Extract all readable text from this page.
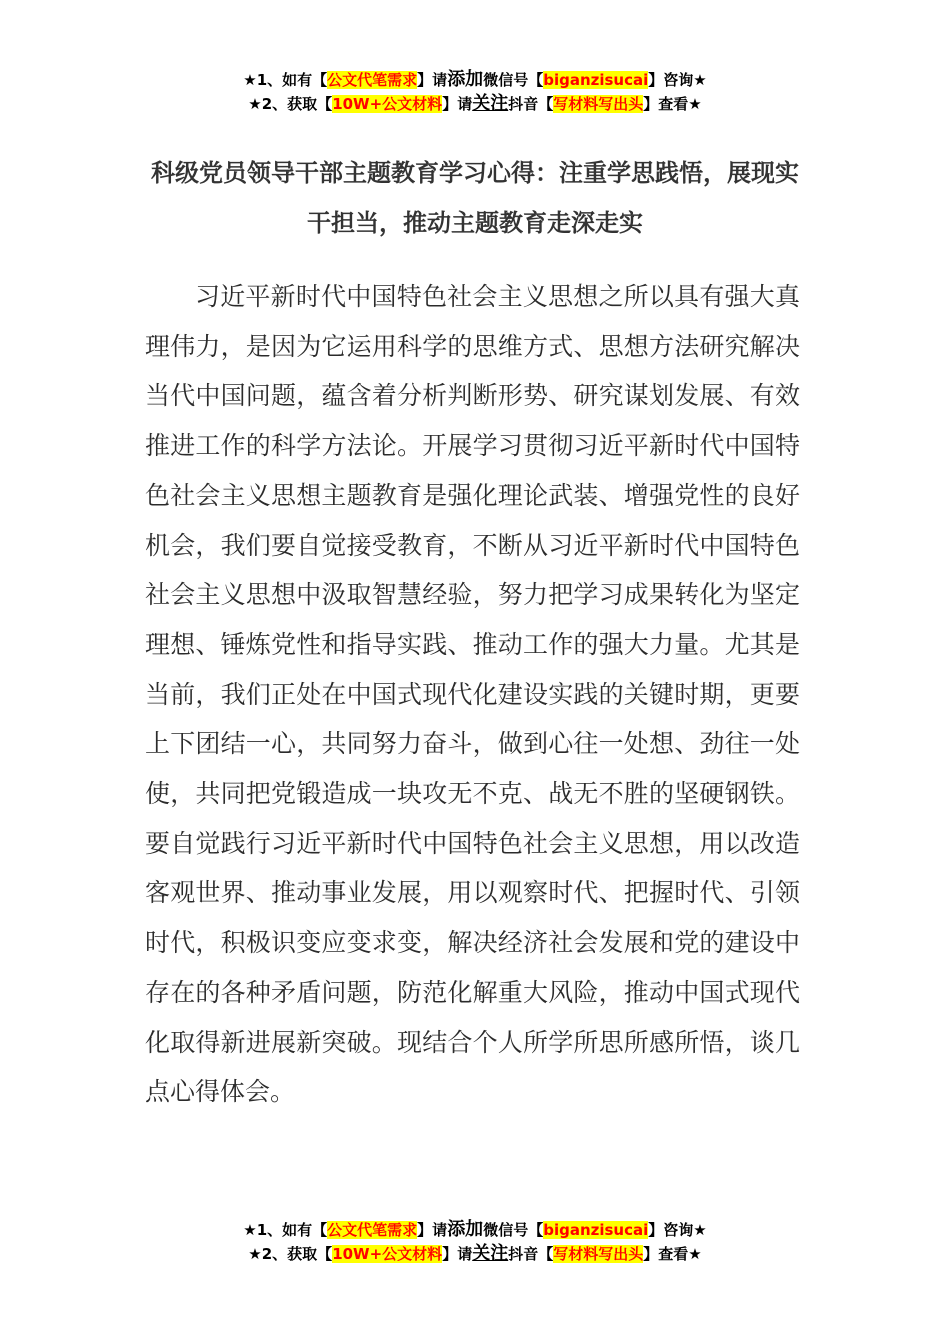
★1、如有【公文代笔需求】请添加微信号【biganzisucai】咨询★
★2、获取【10W+公文材料】请关注抖音【写材料写出头】查看★
科级党员领导干部主题教育学习心得：注重学思践悟，展现实干担当，推动主题教育走深走实

习近平新时代中国特色社会主义思想之所以具有强大真理伟力，是因为它运用科学的思维方式、思想方法研究解决当代中国问题，蕴含着分析判断形势、研究谋划发展、有效推进工作的科学方法论。开展学习贯彻习近平新时代中国特色社会主义思想主题教育是强化理论武装、增强党性的良好机会，我们要自觉接受教育，不断从习近平新时代中国特色社会主义思想中汲取智慧经验，努力把学习成果转化为坚定理想、锤炼党性和指导实践、推动工作的强大力量。尤其是当前，我们正处在中国式现代化建设实践的关键时期，更要上下团结一心，共同努力奋斗，做到心往一处想、劲往一处使，共同把党锻造成一块攻无不克、战无不胜的坚硬钢铁。要自觉践行习近平新时代中国特色社会主义思想，用以改造客观世界、推动事业发展，用以观察时代、把握时代、引领时代，积极识变应变求变，解决经济社会发展和党的建设中存在的各种矛盾问题，防范化解重大风险，推动中国式现代化取得新进展新突破。现结合个人所学所思所感所悟，谈几点心得体会。

★1、如有【公文代笔需求】请添加微信号【biganzisucai】咨询★
★2、获取【10W+公文材料】请关注抖音【写材料写出头】查看★
